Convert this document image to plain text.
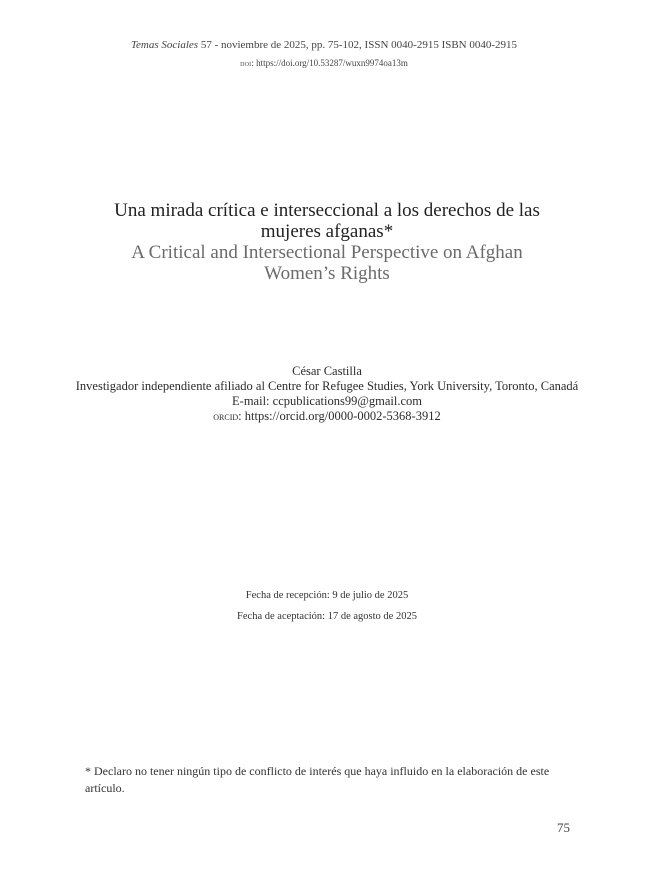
Temas Sociales 57 - noviembre de 2025, pp. 75-102, ISSN 0040-2915 ISBN 0040-2915
doi: https://doi.org/10.53287/wuxn9974oa13m
Una mirada crítica e interseccional a los derechos de las mujeres afganas*
A Critical and Intersectional Perspective on Afghan Women’s Rights
César Castilla
Investigador independiente afiliado al Centre for Refugee Studies, York University, Toronto, Canadá
E-mail: ccpublications99@gmail.com
orcid: https://orcid.org/0000-0002-5368-3912
Fecha de recepción: 9 de julio de 2025
Fecha de aceptación: 17 de agosto de 2025
* Declaro no tener ningún tipo de conflicto de interés que haya influido en la elaboración de este artículo.
75
